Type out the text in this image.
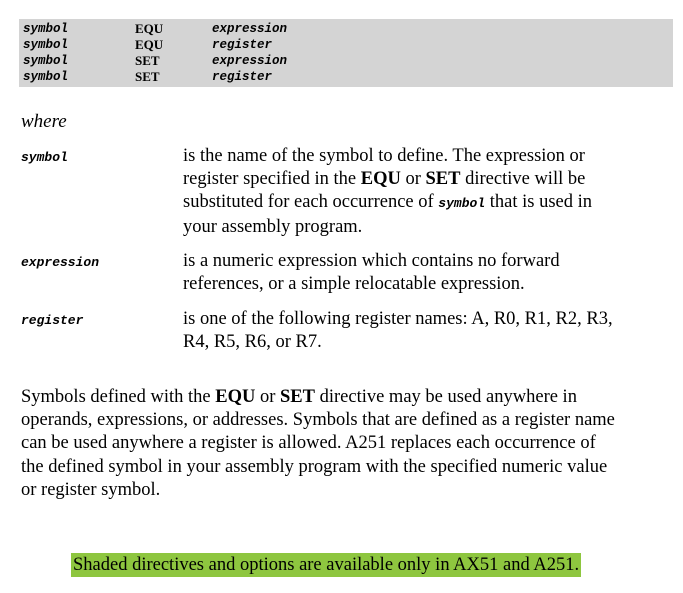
symbol	EQU	expression
symbol	EQU	register
symbol	SET	expression
symbol	SET	register
where
symbol	is the name of the symbol to define. The expression or
register specified in the EQU or SET directive will be
substituted for each occurrence of symbol that is used in
your assembly program.
expression	is a numeric expression which contains no forward
references, or a simple relocatable expression.
register	is one of the following register names: A, R0, R1, R2, R3,
R4, R5, R6, or R7.
Symbols defined with the EQU or SET directive may be used anywhere in
operands, expressions, or addresses. Symbols that are defined as a register name
can be used anywhere a register is allowed. A251 replaces each occurrence of
the defined symbol in your assembly program with the specified numeric value
or register symbol.
Shaded directives and options are available only in AX51 and A251.
